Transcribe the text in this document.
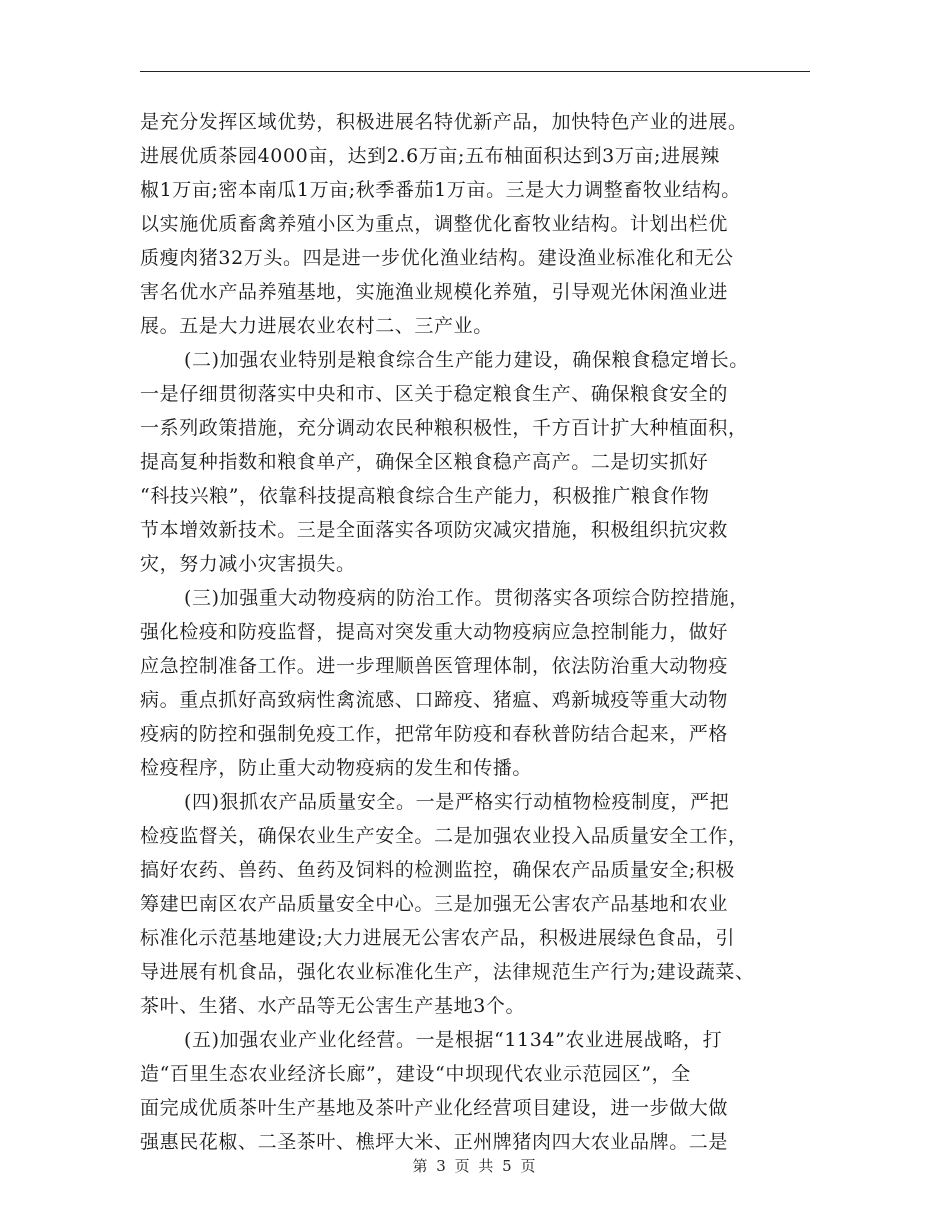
是充分发挥区域优势，积极进展名特优新产品，加快特色产业的进展。
进展优质茶园4000亩，达到2.6万亩;五布柚面积达到3万亩;进展辣
椒1万亩;密本南瓜1万亩;秋季番茄1万亩。三是大力调整畜牧业结构。
以实施优质畜禽养殖小区为重点，调整优化畜牧业结构。计划出栏优
质瘦肉猪32万头。四是进一步优化渔业结构。建设渔业标准化和无公
害名优水产品养殖基地，实施渔业规模化养殖，引导观光休闲渔业进
展。五是大力进展农业农村二、三产业。
(二)加强农业特别是粮食综合生产能力建设，确保粮食稳定增长。
一是仔细贯彻落实中央和市、区关于稳定粮食生产、确保粮食安全的
一系列政策措施，充分调动农民种粮积极性，千方百计扩大种植面积，
提高复种指数和粮食单产，确保全区粮食稳产高产。二是切实抓好
“科技兴粮”，依靠科技提高粮食综合生产能力，积极推广粮食作物
节本增效新技术。三是全面落实各项防灾减灾措施，积极组织抗灾救
灾，努力减小灾害损失。
(三)加强重大动物疫病的防治工作。贯彻落实各项综合防控措施，
强化检疫和防疫监督，提高对突发重大动物疫病应急控制能力，做好
应急控制准备工作。进一步理顺兽医管理体制，依法防治重大动物疫
病。重点抓好高致病性禽流感、口蹄疫、猪瘟、鸡新城疫等重大动物
疫病的防控和强制免疫工作，把常年防疫和春秋普防结合起来，严格
检疫程序，防止重大动物疫病的发生和传播。
(四)狠抓农产品质量安全。一是严格实行动植物检疫制度，严把
检疫监督关，确保农业生产安全。二是加强农业投入品质量安全工作，
搞好农药、兽药、鱼药及饲料的检测监控，确保农产品质量安全;积极
筹建巴南区农产品质量安全中心。三是加强无公害农产品基地和农业
标准化示范基地建设;大力进展无公害农产品，积极进展绿色食品，引
导进展有机食品，强化农业标准化生产，法律规范生产行为;建设蔬菜、
茶叶、生猪、水产品等无公害生产基地3个。
(五)加强农业产业化经营。一是根据“1134”农业进展战略，打
造“百里生态农业经济长廊”，建设“中坝现代农业示范园区”，全
面完成优质茶叶生产基地及茶叶产业化经营项目建设，进一步做大做
强惠民花椒、二圣茶叶、樵坪大米、正州牌猪肉四大农业品牌。二是
第 3 页 共 5 页
